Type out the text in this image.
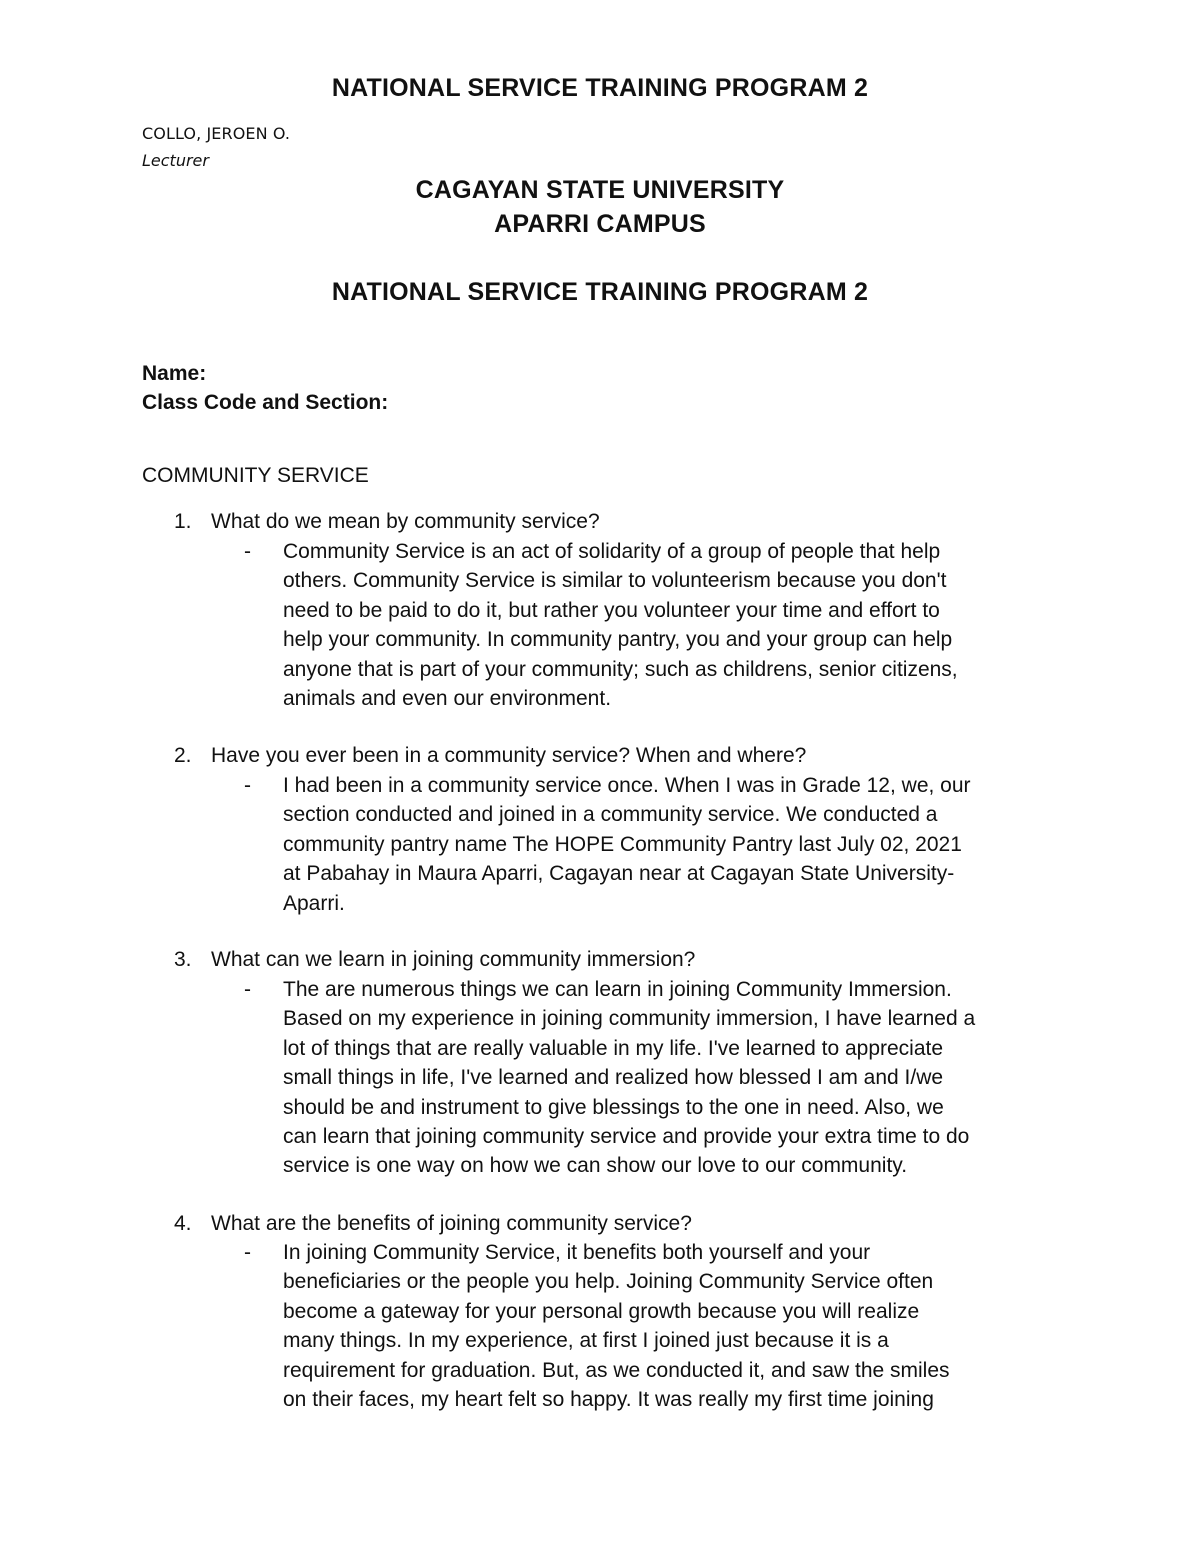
NATIONAL SERVICE TRAINING PROGRAM 2
COLLO, JEROEN O.
Lecturer
CAGAYAN STATE UNIVERSITY
APARRI CAMPUS
NATIONAL SERVICE TRAINING PROGRAM 2
Name:
Class Code and Section:
COMMUNITY SERVICE
1. What do we mean by community service?
- Community Service is an act of solidarity of a group of people that help
others. Community Service is similar to volunteerism because you don't
need to be paid to do it, but rather you volunteer your time and effort to
help your community. In community pantry, you and your group can help
anyone that is part of your community; such as childrens, senior citizens,
animals and even our environment.
2. Have you ever been in a community service? When and where?
- I had been in a community service once. When I was in Grade 12, we, our
section conducted and joined in a community service. We conducted a
community pantry name The HOPE Community Pantry last July 02, 2021
at Pabahay in Maura Aparri, Cagayan near at Cagayan State University-
Aparri.
3. What can we learn in joining community immersion?
- The are numerous things we can learn in joining Community Immersion.
Based on my experience in joining community immersion, I have learned a
lot of things that are really valuable in my life. I've learned to appreciate
small things in life, I've learned and realized how blessed I am and I/we
should be and instrument to give blessings to the one in need. Also, we
can learn that joining community service and provide your extra time to do
service is one way on how we can show our love to our community.
4. What are the benefits of joining community service?
- In joining Community Service, it benefits both yourself and your
beneficiaries or the people you help. Joining Community Service often
become a gateway for your personal growth because you will realize
many things. In my experience, at first I joined just because it is a
requirement for graduation. But, as we conducted it, and saw the smiles
on their faces, my heart felt so happy. It was really my first time joining
